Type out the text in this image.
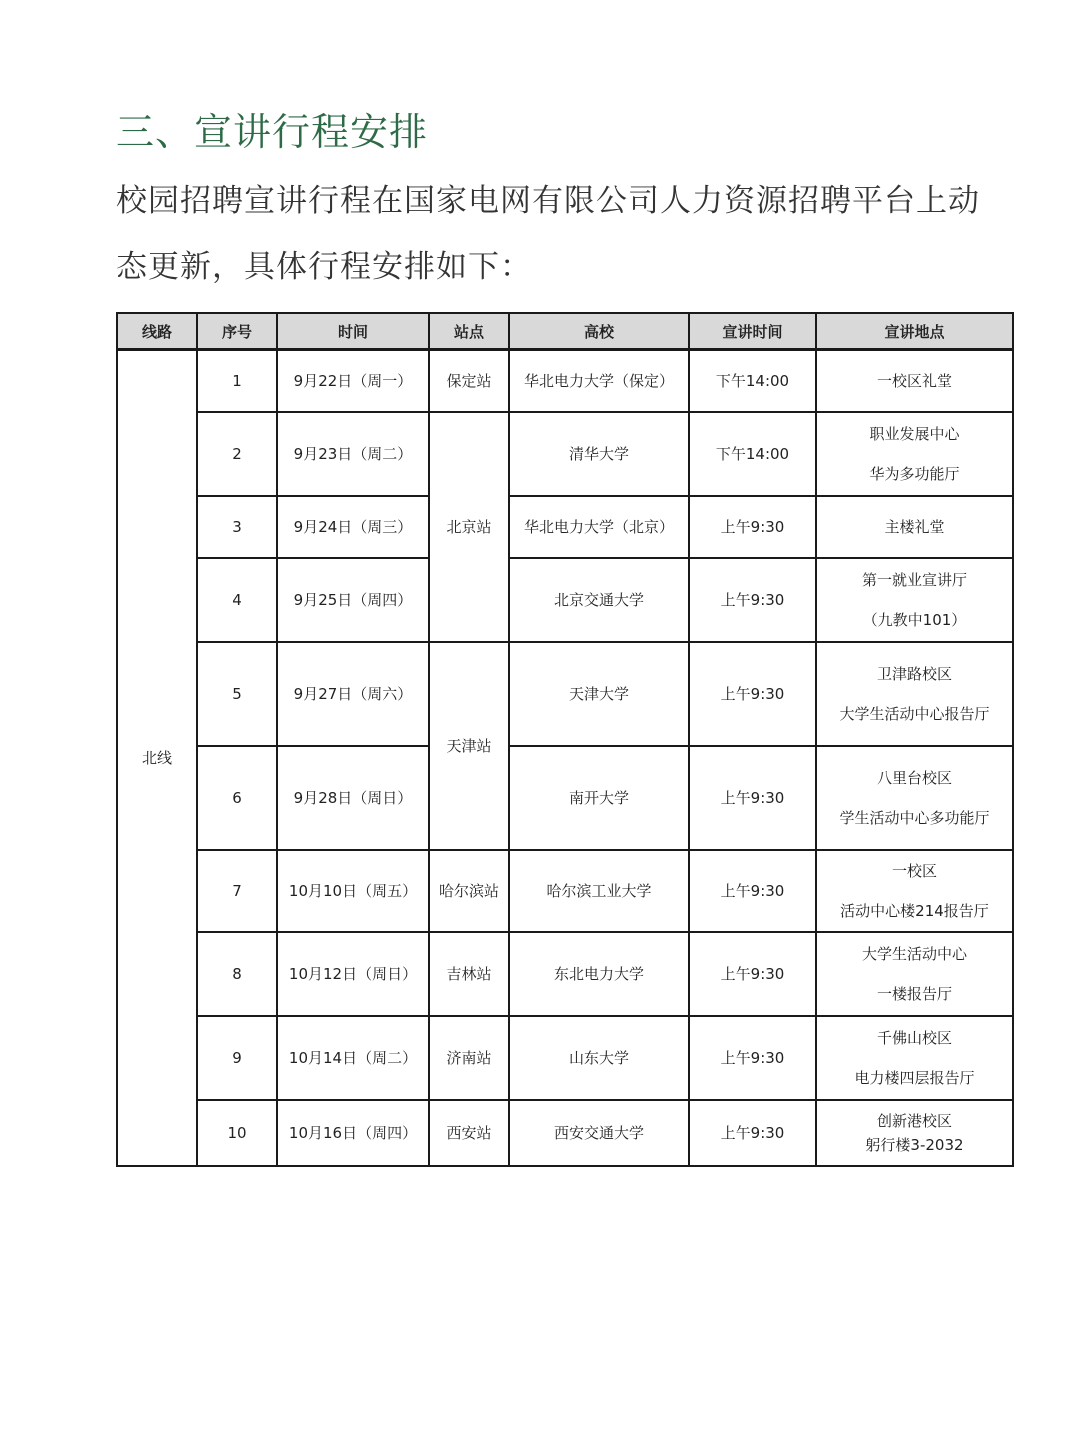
三、宣讲行程安排

校园招聘宣讲行程在国家电网有限公司人力资源招聘平台上动态更新，具体行程安排如下：

线路	序号	时间	站点	高校	宣讲时间	宣讲地点
北线	1	9月22日（周一）	保定站	华北电力大学（保定）	下午14:00	一校区礼堂

	2	9月23日（周二）	北京站	清华大学	下午14:00	职业发展中心
华为多功能厅

	3	9月24日（周三）		华北电力大学（北京）	上午9:30	主楼礼堂

	4	9月25日（周四）		北京交通大学	上午9:30	第一就业宣讲厅
（九教中101）

	5	9月27日（周六）	天津站	天津大学	上午9:30	卫津路校区
大学生活动中心报告厅

	6	9月28日（周日）		南开大学	上午9:30	八里台校区
学生活动中心多功能厅

	7	10月10日（周五）	哈尔滨站	哈尔滨工业大学	上午9:30	一校区
活动中心楼214报告厅

	8	10月12日（周日）	吉林站	东北电力大学	上午9:30	大学生活动中心
一楼报告厅

	9	10月14日（周二）	济南站	山东大学	上午9:30	千佛山校区
电力楼四层报告厅

	10	10月16日（周四）	西安站	西安交通大学	上午9:30	创新港校区
躬行楼3-2032
